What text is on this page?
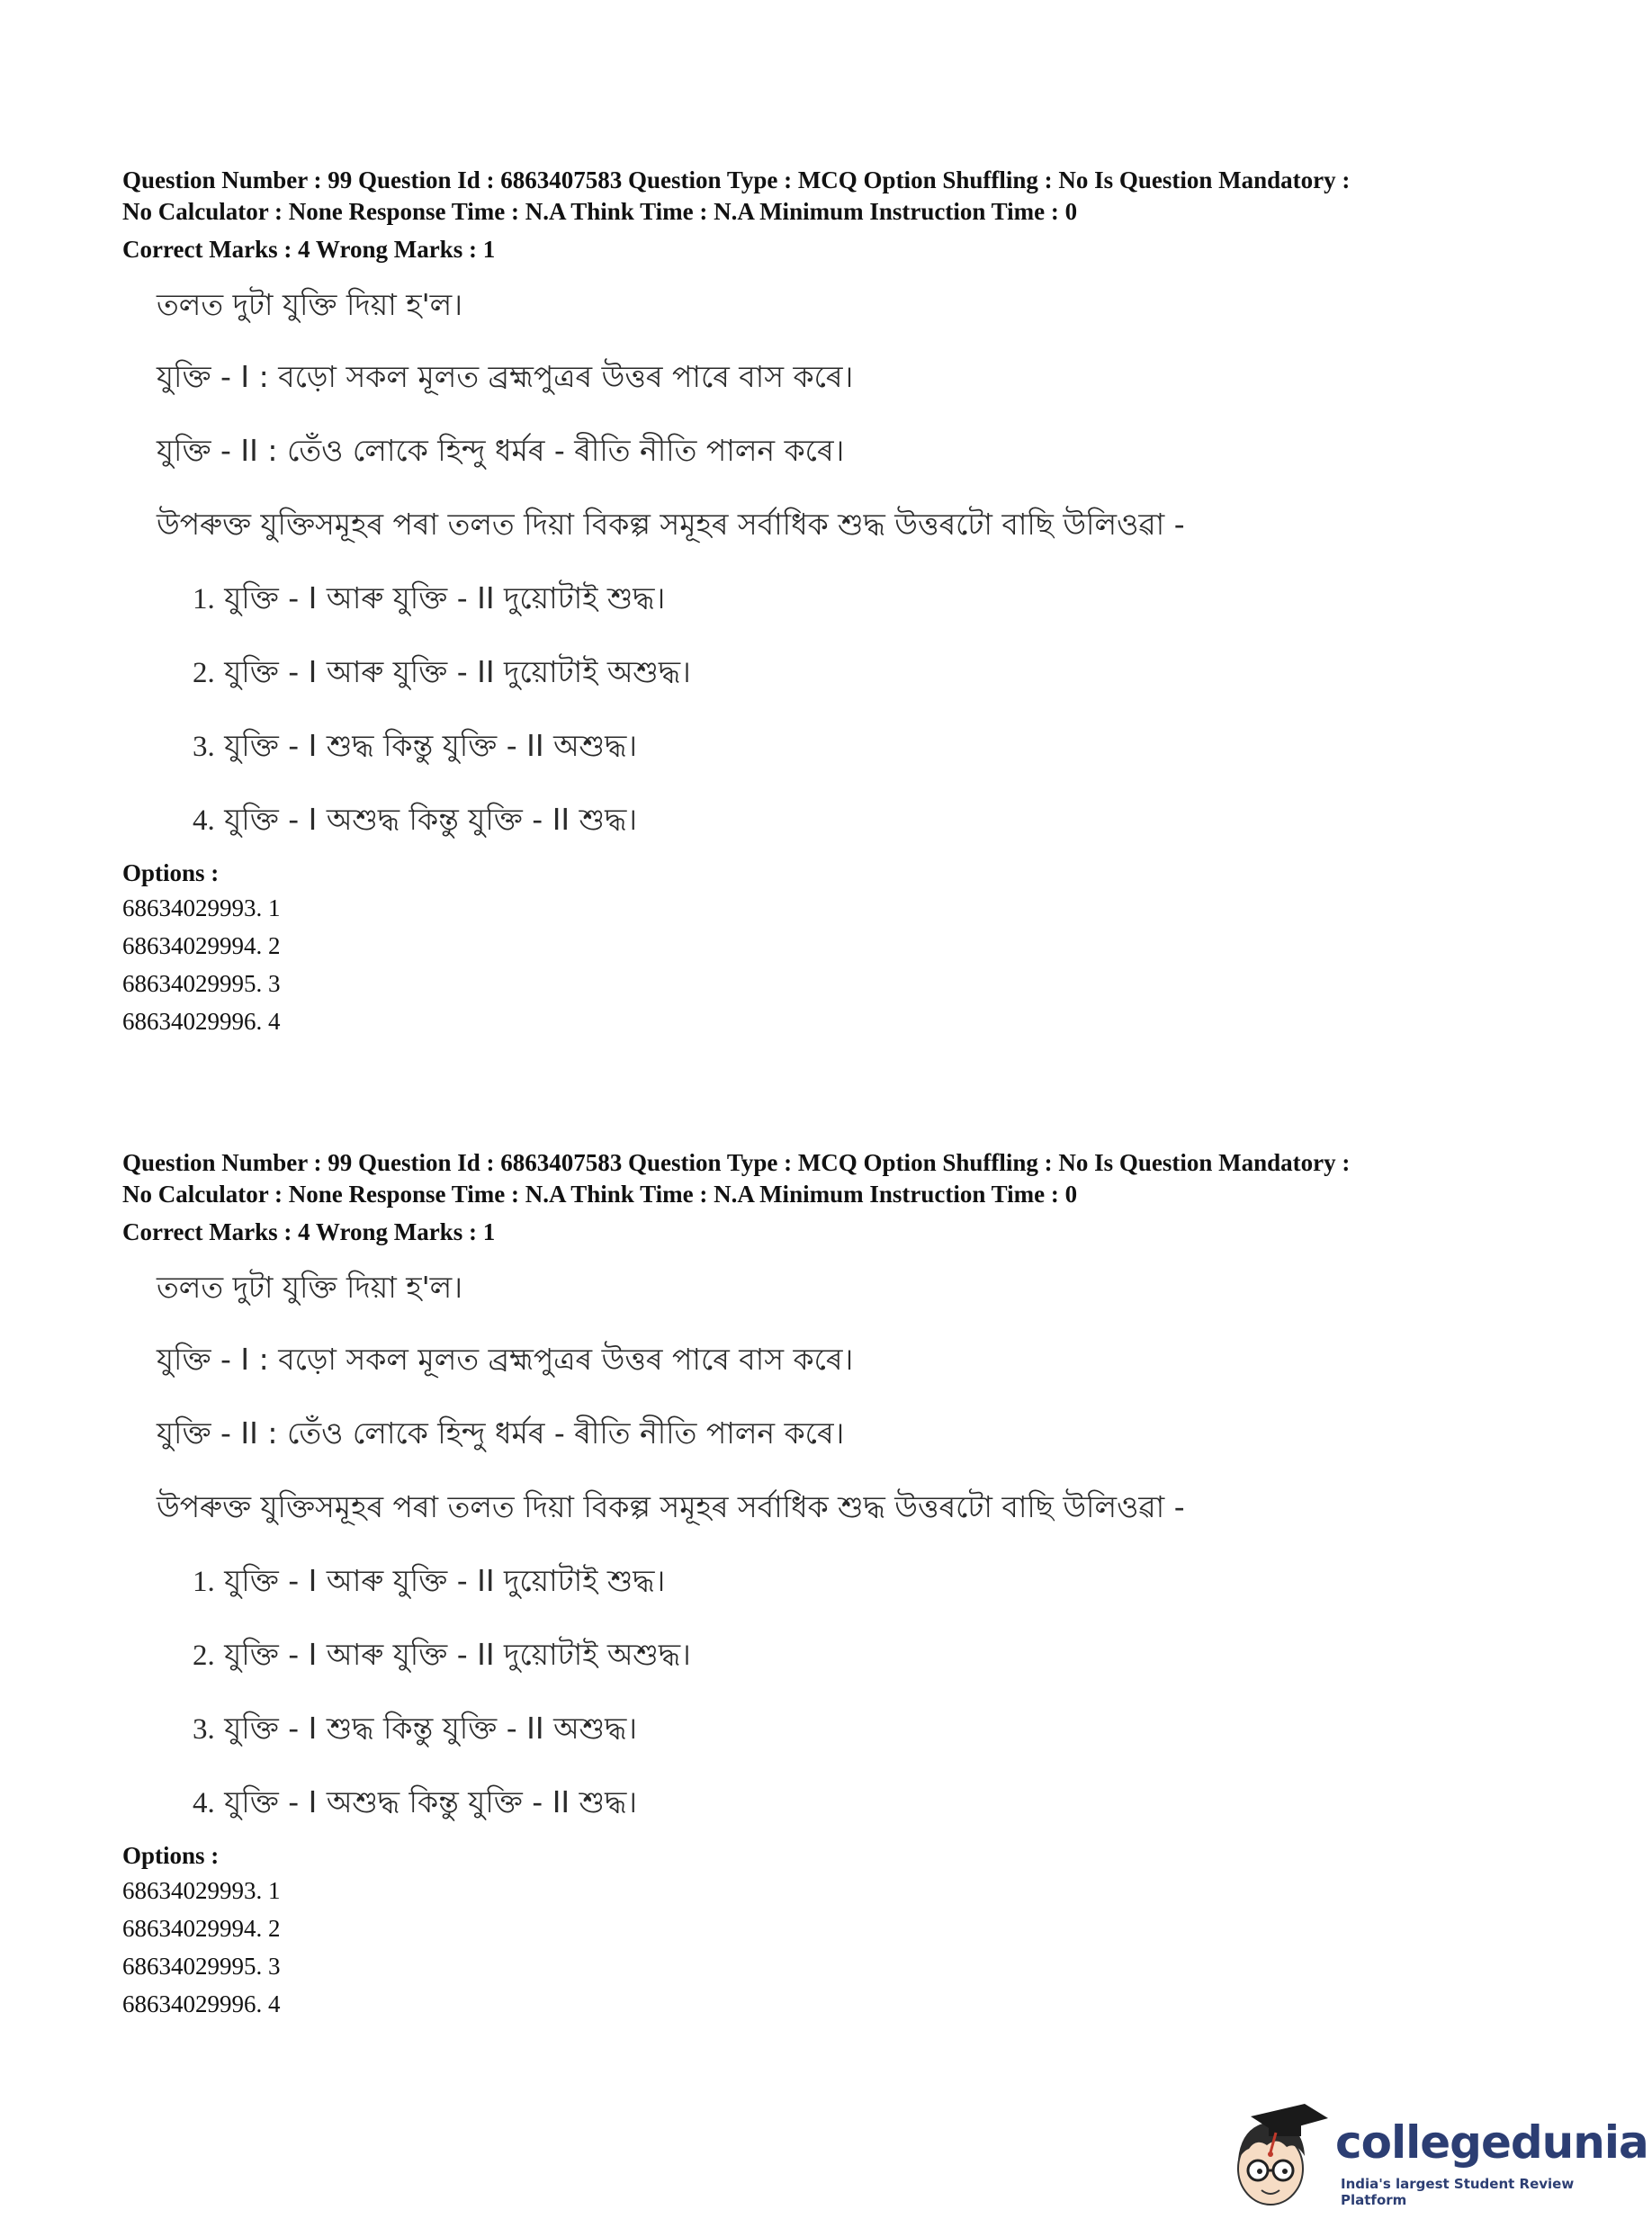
Question Number : 99 Question Id : 6863407583 Question Type : MCQ Option Shuffling : No Is Question Mandatory :

No Calculator : None Response Time : N.A Think Time : N.A Minimum Instruction Time : 0

Correct Marks : 4 Wrong Marks : 1
তলত দুটা যুক্তি দিয়া হ'ল।
যুক্তি - I : বড়ো সকল মূলত ব্ৰহ্মপুত্ৰৰ উত্তৰ পাৰে বাস কৰে।
যুক্তি - II : তেঁও লোকে হিন্দু ধৰ্মৰ - ৰীতি নীতি পালন কৰে।
উপৰুক্ত যুক্তিসমূহৰ পৰা তলত দিয়া বিকল্প সমূহৰ সৰ্বাধিক শুদ্ধ উত্তৰটো বাছি উলিওৱা -
1. যুক্তি - I আৰু যুক্তি - II দুয়োটাই শুদ্ধ।
2. যুক্তি - I আৰু যুক্তি - II দুয়োটাই অশুদ্ধ।
3. যুক্তি - I শুদ্ধ কিন্তু যুক্তি - II অশুদ্ধ।
4. যুক্তি - I অশুদ্ধ কিন্তু যুক্তি - II শুদ্ধ।
Options :
68634029993. 1
68634029994. 2
68634029995. 3
68634029996. 4

Question Number : 99 Question Id : 6863407583 Question Type : MCQ Option Shuffling : No Is Question Mandatory :

No Calculator : None Response Time : N.A Think Time : N.A Minimum Instruction Time : 0

Correct Marks : 4 Wrong Marks : 1
তলত দুটা যুক্তি দিয়া হ'ল।
যুক্তি - I : বড়ো সকল মূলত ব্ৰহ্মপুত্ৰৰ উত্তৰ পাৰে বাস কৰে।
যুক্তি - II : তেঁও লোকে হিন্দু ধৰ্মৰ - ৰীতি নীতি পালন কৰে।
উপৰুক্ত যুক্তিসমূহৰ পৰা তলত দিয়া বিকল্প সমূহৰ সৰ্বাধিক শুদ্ধ উত্তৰটো বাছি উলিওৱা -
1. যুক্তি - I আৰু যুক্তি - II দুয়োটাই শুদ্ধ।
2. যুক্তি - I আৰু যুক্তি - II দুয়োটাই অশুদ্ধ।
3. যুক্তি - I শুদ্ধ কিন্তু যুক্তি - II অশুদ্ধ।
4. যুক্তি - I অশুদ্ধ কিন্তু যুক্তি - II শুদ্ধ।
Options :
68634029993. 1
68634029994. 2
68634029995. 3
68634029996. 4
collegedunia
India's largest Student Review Platform
